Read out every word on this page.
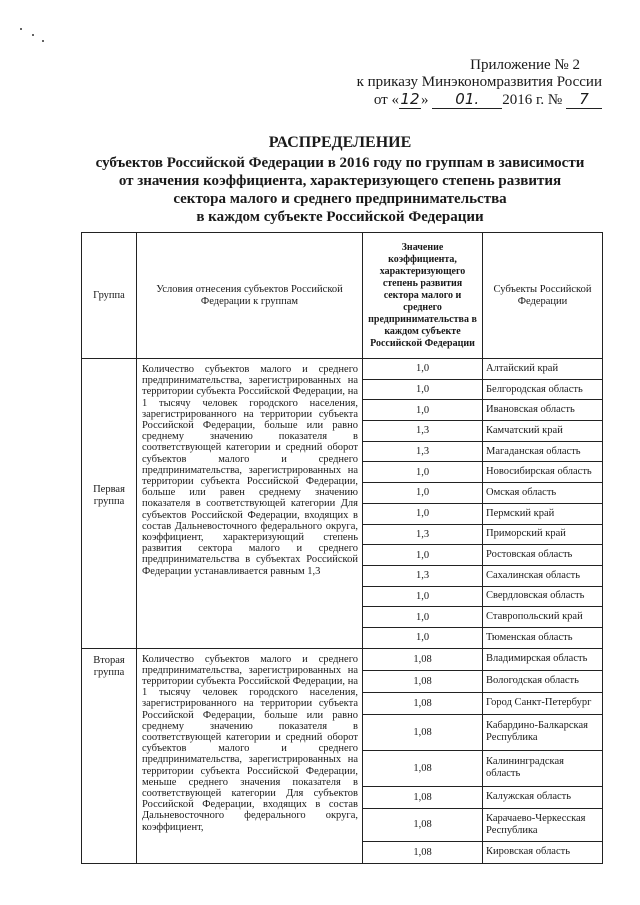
Приложение № 2
к приказу Минэкономразвития России
от «12» 01. 2016 г. № 7
РАСПРЕДЕЛЕНИЕ
субъектов Российской Федерации в 2016 году по группам в зависимости
от значения коэффициента, характеризующего степень развития
сектора малого и среднего предпринимательства
в каждом субъекте Российской Федерации
Группа	Условия отнесения субъектов Российской Федерации к группам	Значение коэффициента, характеризующего степень развития сектора малого и среднего предпринимательства в каждом субъекте Российской Федерации	Субъекты Российской Федерации
Первая группа	Количество субъектов малого и среднего предпринимательства, зарегистрированных на территории субъекта Российской Федерации, на 1 тысячу человек городского населения, зарегистрированного на территории субъекта Российской Федерации, больше или равно среднему значению показателя в соответствующей категории и средний оборот субъектов малого и среднего предпринимательства, зарегистрированных на территории субъекта Российской Федерации, больше или равен среднему значению показателя в соответствующей категории Для субъектов Российской Федерации, входящих в состав Дальневосточного федерального округа, коэффициент, характеризующий степень развития сектора малого и среднего предпринимательства в субъектах Российской Федерации устанавливается равным 1,3	1,0	Алтайский край
		1,0	Белгородская область
		1,0	Ивановская область
		1,3	Камчатский край
		1,3	Магаданская область
		1,0	Новосибирская область
		1,0	Омская область
		1,0	Пермский край
		1,3	Приморский край
		1,0	Ростовская область
		1,3	Сахалинская область
		1,0	Свердловская область
		1,0	Ставропольский край
		1,0	Тюменская область
Вторая группа	Количество субъектов малого и среднего предпринимательства, зарегистрированных на территории субъекта Российской Федерации, на 1 тысячу человек городского населения, зарегистрированного на территории субъекта Российской Федерации, больше или равно среднему значению показателя в соответствующей категории и средний оборот субъектов малого и среднего предпринимательства, зарегистрированных на территории субъекта Российской Федерации, меньше среднего значения показателя в соответствующей категории Для субъектов Российской Федерации, входящих в состав Дальневосточного федерального округа, коэффициент,	1,08	Владимирская область
		1,08	Вологодская область
		1,08	Город Санкт-Петербург
		1,08	Кабардино-Балкарская Республика
		1,08	Калининградская область
		1,08	Калужская область
		1,08	Карачаево-Черкесская Республика
		1,08	Кировская область
